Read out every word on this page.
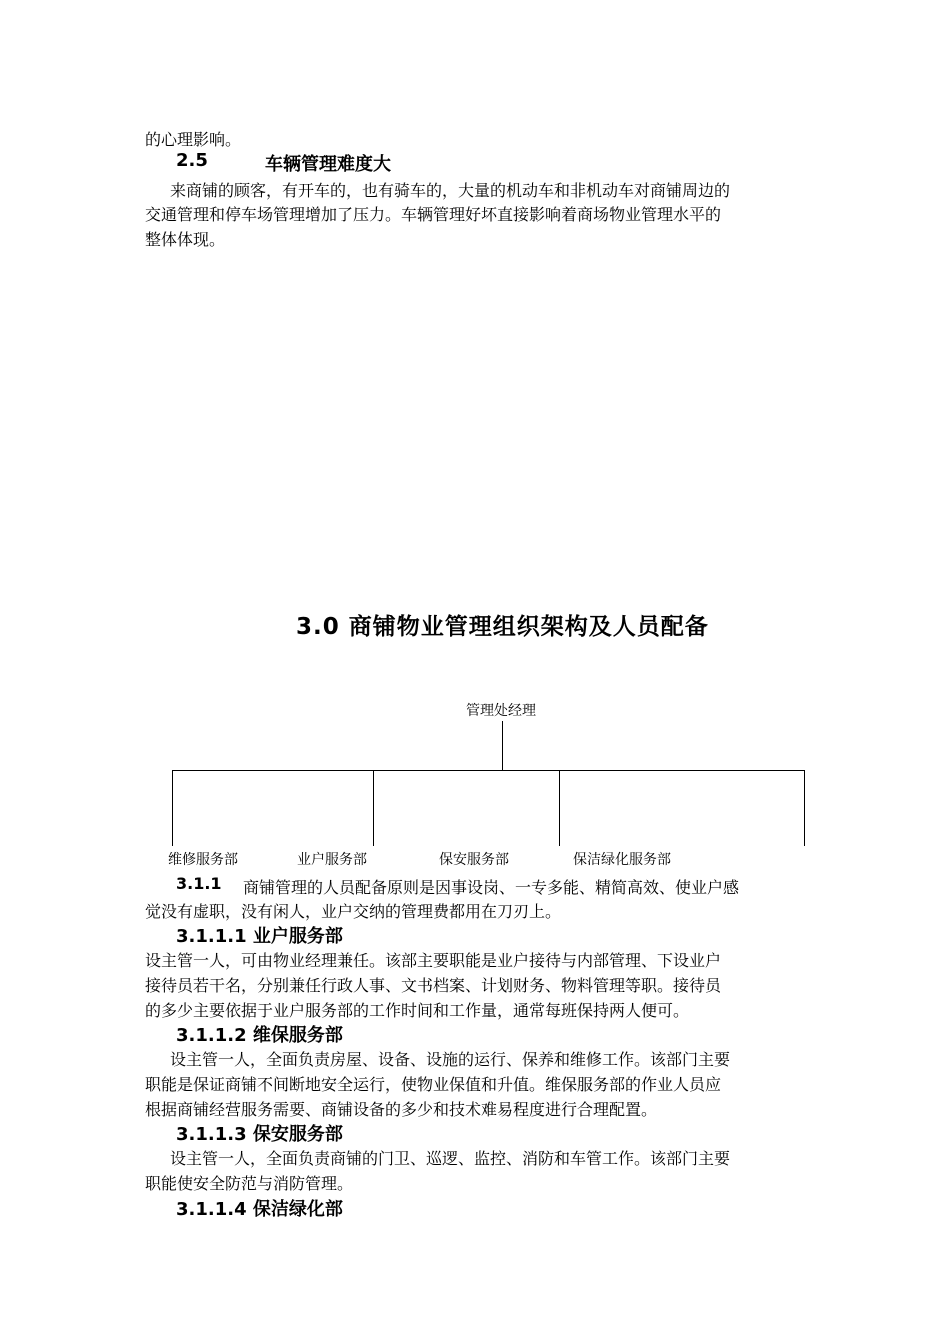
的心理影响。
2.5	车辆管理难度大
来商铺的顾客，有开车的，也有骑车的，大量的机动车和非机动车对商铺周边的
交通管理和停车场管理增加了压力。车辆管理好坏直接影响着商场物业管理水平的
整体体现。
3.0 商铺物业管理组织架构及人员配备
管理处经理
维修服务部	业户服务部	保安服务部	保洁绿化服务部
3.1.1 商铺管理的人员配备原则是因事设岗、一专多能、精简高效、使业户感
觉没有虚职，没有闲人，业户交纳的管理费都用在刀刃上。
3.1.1.1 业户服务部
设主管一人，可由物业经理兼任。该部主要职能是业户接待与内部管理、下设业户
接待员若干名，分别兼任行政人事、文书档案、计划财务、物料管理等职。接待员
的多少主要依据于业户服务部的工作时间和工作量，通常每班保持两人便可。
3.1.1.2 维保服务部
设主管一人，全面负责房屋、设备、设施的运行、保养和维修工作。该部门主要
职能是保证商铺不间断地安全运行，使物业保值和升值。维保服务部的作业人员应
根据商铺经营服务需要、商铺设备的多少和技术难易程度进行合理配置。
3.1.1.3 保安服务部
设主管一人，全面负责商铺的门卫、巡逻、监控、消防和车管工作。该部门主要
职能使安全防范与消防管理。
3.1.1.4 保洁绿化部
